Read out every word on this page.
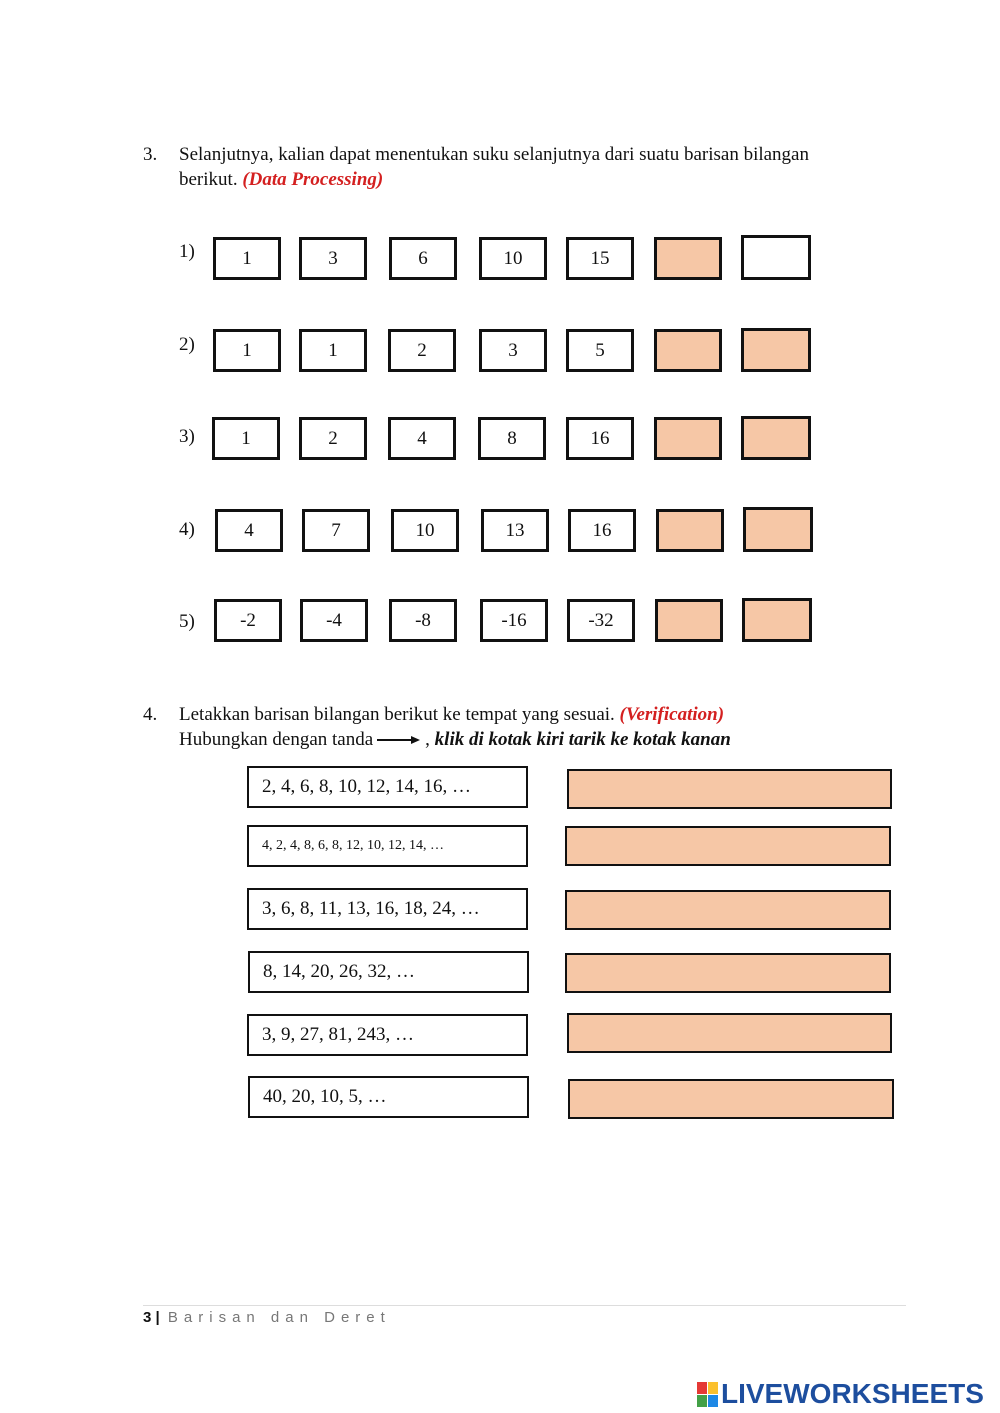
3. Selanjutnya, kalian dapat menentukan suku selanjutnya dari suatu barisan bilangan
berikut. (Data Processing)
1)	1	3	6	10	15
2)	1	1	2	3	5
3)	1	2	4	8	16
4)	4	7	10	13	16
5)	-2	-4	-8	-16	-32
4. Letakkan barisan bilangan berikut ke tempat yang sesuai. (Verification)
Hubungkan dengan tanda	, klik di kotak kiri tarik ke kotak kanan
2, 4, 6, 8, 10, 12, 14, 16, …
4, 2, 4, 8, 6, 8, 12, 10, 12, 14, …
3, 6, 8, 11, 13, 16, 18, 24, …
8, 14, 20, 26, 32, …
3, 9, 27, 81, 243, …
40, 20, 10, 5, …
3 | Barisan dan Deret
LIVEWORKSHEETS
